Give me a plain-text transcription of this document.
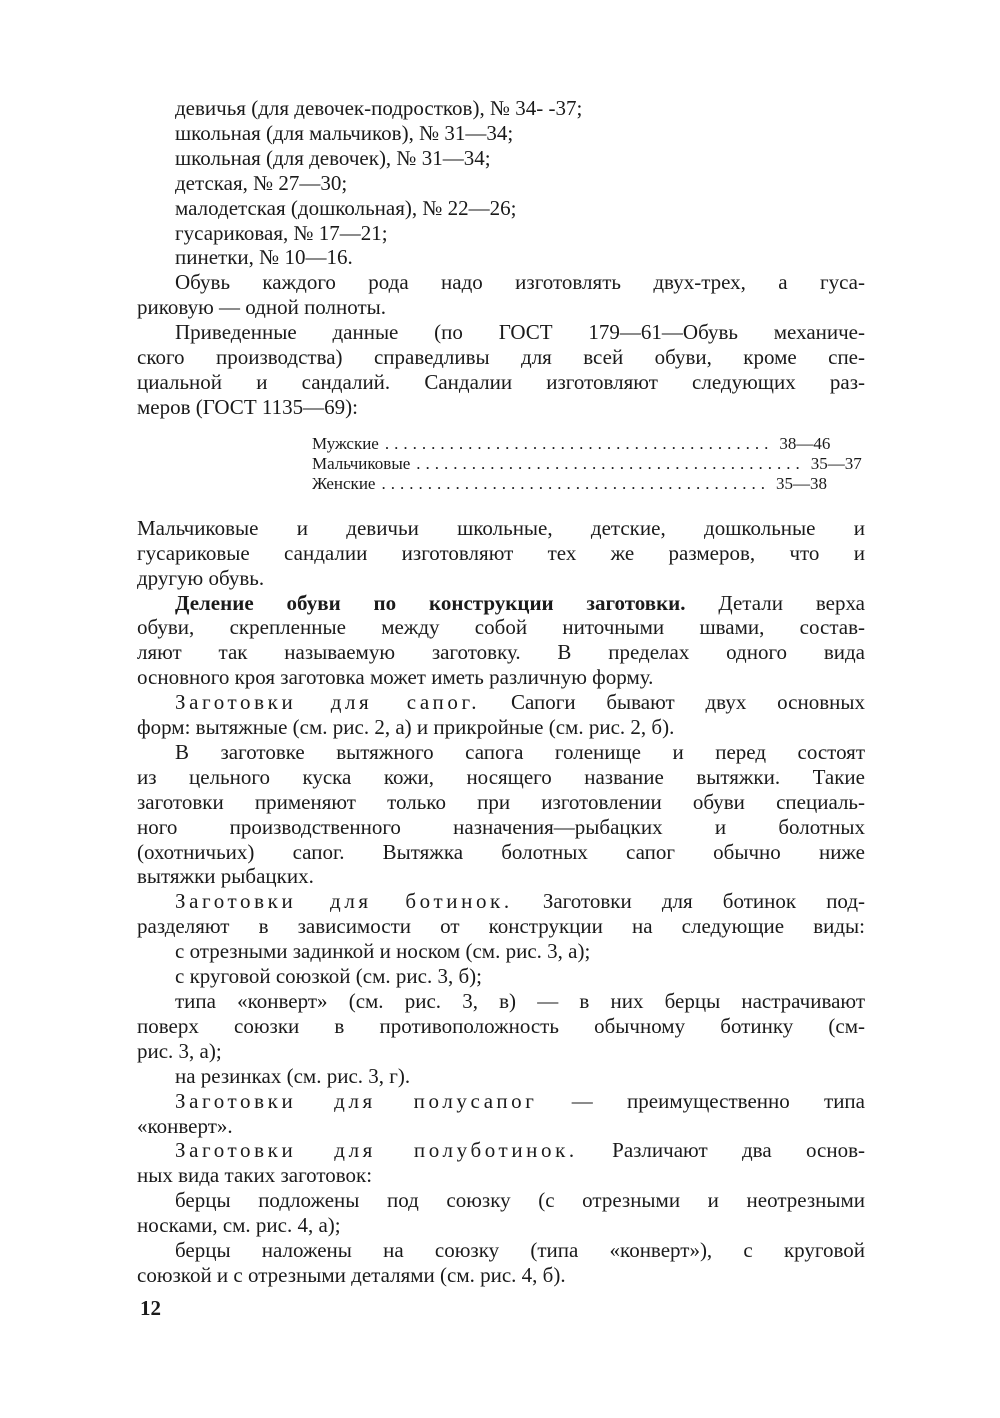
девичья (для девочек-подростков), № 34- -37;
школьная (для мальчиков), № 31—34;
школьная (для девочек), № 31—34;
детская, № 27—30;
малодетская (дошкольная), № 22—26;
гусариковая, № 17—21;
пинетки, № 10—16.
Обувь каждого рода надо изготовлять двух-трех, а гуса-
риковую — одной полноты.
Приведенные данные (по ГОСТ 179—61—Обувь механиче-
ского производства) справедливы для всей обуви, кроме спе-
циальной и сандалий. Сандалии изготовляют следующих раз-
меров (ГОСТ 1135—69):
Мужские .......................................... 38—46
Мальчиковые .......................................... 35—37
Женские .......................................... 35—38
Мальчиковые и девичьи школьные, детские, дошкольные и
гусариковые сандалии изготовляют тех же размеров, что и
другую обувь.
Деление обуви по конструкции заготовки. Детали верха
обуви, скрепленные между собой ниточными швами, состав-
ляют так называемую заготовку. В пределах одного вида
основного кроя заготовка может иметь различную форму.
Заготовки для сапог. Сапоги бывают двух основных
форм: вытяжные (см. рис. 2, а) и прикройные (см. рис. 2, б).
В заготовке вытяжного сапога голенище и перед состоят
из цельного куска кожи, носящего название вытяжки. Такие
заготовки применяют только при изготовлении обуви специаль-
ного производственного назначения—рыбацких и болотных
(охотничьих) сапог. Вытяжка болотных сапог обычно ниже
вытяжки рыбацких.
Заготовки для ботинок. Заготовки для ботинок под-
разделяют в зависимости от конструкции на следующие виды:
с отрезными задинкой и носком (см. рис. 3, а);
с круговой союзкой (см. рис. 3, б);
типа «конверт» (см. рис. 3, в) — в них берцы настрачивают
поверх союзки в противоположность обычному ботинку (см-
рис. 3, а);
на резинках (см. рис. 3, г).
Заготовки для полусапог — преимущественно типа
«конверт».
Заготовки для полуботинок. Различают два основ-
ных вида таких заготовок:
берцы подложены под союзку (с отрезными и неотрезными
носками, см. рис. 4, а);
берцы наложены на союзку (типа «конверт»), с круговой
союзкой и с отрезными деталями (см. рис. 4, б).
12
